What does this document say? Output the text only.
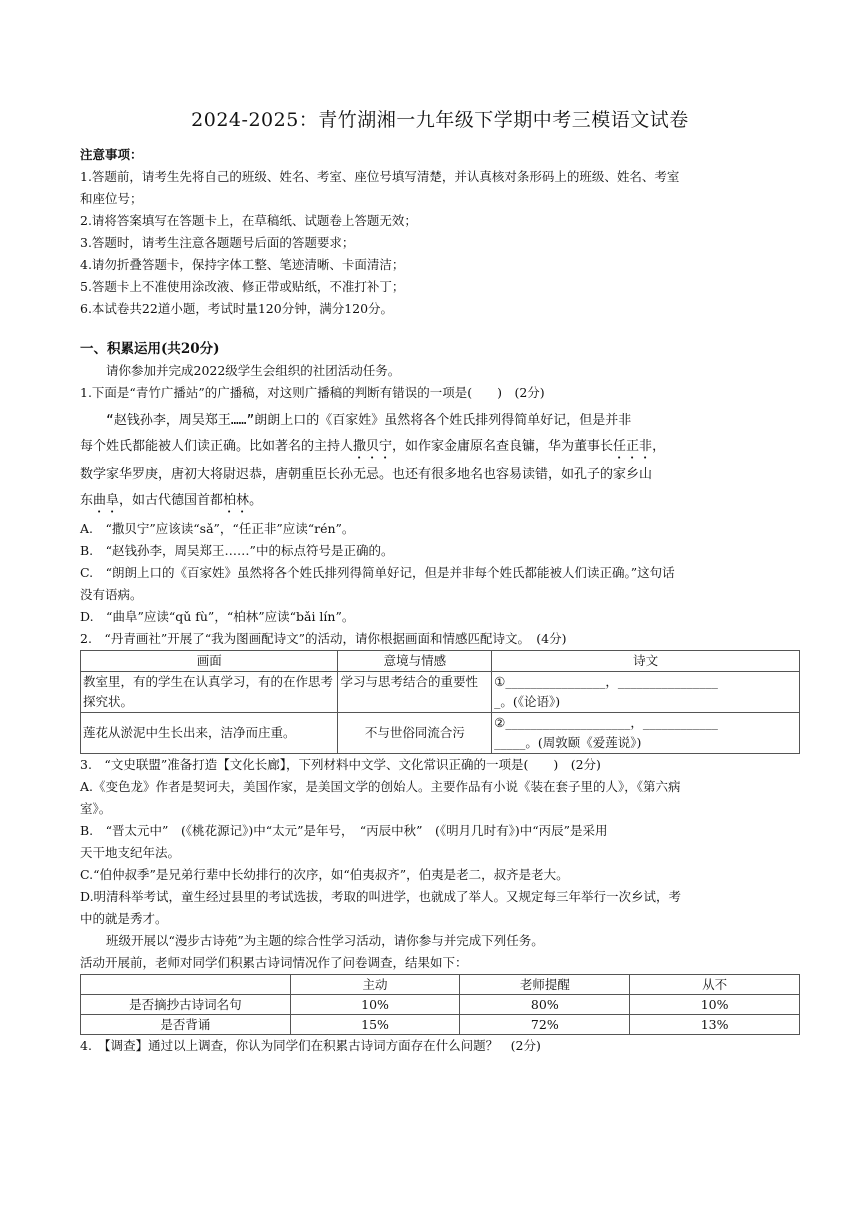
2024-2025：青竹湖湘一九年级下学期中考三模语文试卷
注意事项：
1.答题前，请考生先将自己的班级、姓名、考室、座位号填写清楚，并认真核对条形码上的班级、姓名、考室
和座位号；
2.请将答案填写在答题卡上，在草稿纸、试题卷上答题无效；
3.答题时，请考生注意各题题号后面的答题要求；
4.请勿折叠答题卡，保持字体工整、笔迹清晰、卡面清洁；
5.答题卡上不准使用涂改液、修正带或贴纸，不准打补丁；
6.本试卷共22道小题，考试时量120分钟，满分120分。
一、积累运用(共20分)
请你参加并完成2022级学生会组织的社团活动任务。
1.下面是“青竹广播站”的广播稿，对这则广播稿的判断有错误的一项是(　　)　(2分)
“赵钱孙李，周吴郑王……”朗朗上口的《百家姓》虽然将各个姓氏排列得简单好记，但是并非
每个姓氏都能被人们读正确。比如著名的主持人撒贝宁，如作家金庸原名查良镛，华为董事长任正非，
数学家华罗庚，唐初大将尉迟恭，唐朝重臣长孙无忌。也还有很多地名也容易读错，如孔子的家乡山
东曲阜，如古代德国首都柏林。
A.　“撒贝宁”应该读“sǎ”，“任正非”应读“rén”。
B.　“赵钱孙李，周吴郑王……”中的标点符号是正确的。
C.　“朗朗上口的《百家姓》虽然将各个姓氏排列得简单好记，但是并非每个姓氏都能被人们读正确。”这句话
没有语病。
D.　“曲阜”应读“qǔ fù”，“柏林”应读“bǎi lín”。
2.　“丹青画社”开展了“我为图画配诗文”的活动，请你根据画面和情感匹配诗文。　(4分)
画面	意境与情感	诗文
教室里，有的学生在认真学习，有的在作思考探究状。	学习与思考结合的重要性	①________________，________________
_。(《论语》)

莲花从淤泥中生长出来，洁净而庄重。	不与世俗同流合污	②____________________，____________
_____。(周敦颐《爱莲说》)
3.　“文史联盟”准备打造【文化长廊】，下列材料中文学、文化常识正确的一项是(　　)　(2分)
A.《变色龙》作者是契诃夫，美国作家，是美国文学的创始人。主要作品有小说《装在套子里的人》，《第六病
室》。
B.　“晋太元中”　(《桃花源记》)中“太元”是年号，　“丙辰中秋”　(《明月几时有》)中“丙辰”是采用
天干地支纪年法。
C.“伯仲叔季”是兄弟行辈中长幼排行的次序，如“伯夷叔齐”，伯夷是老二，叔齐是老大。
D.明清科举考试，童生经过县里的考试选拔，考取的叫进学，也就成了举人。又规定每三年举行一次乡试，考
中的就是秀才。
班级开展以“漫步古诗苑”为主题的综合性学习活动，请你参与并完成下列任务。
活动开展前，老师对同学们积累古诗词情况作了问卷调查，结果如下：
	主动	老师提醒	从不
是否摘抄古诗词名句	10%	80%	10%
是否背诵	15%	72%	13%
4.　【调查】通过以上调查，你认为同学们在积累古诗词方面存在什么问题？　(2分)
